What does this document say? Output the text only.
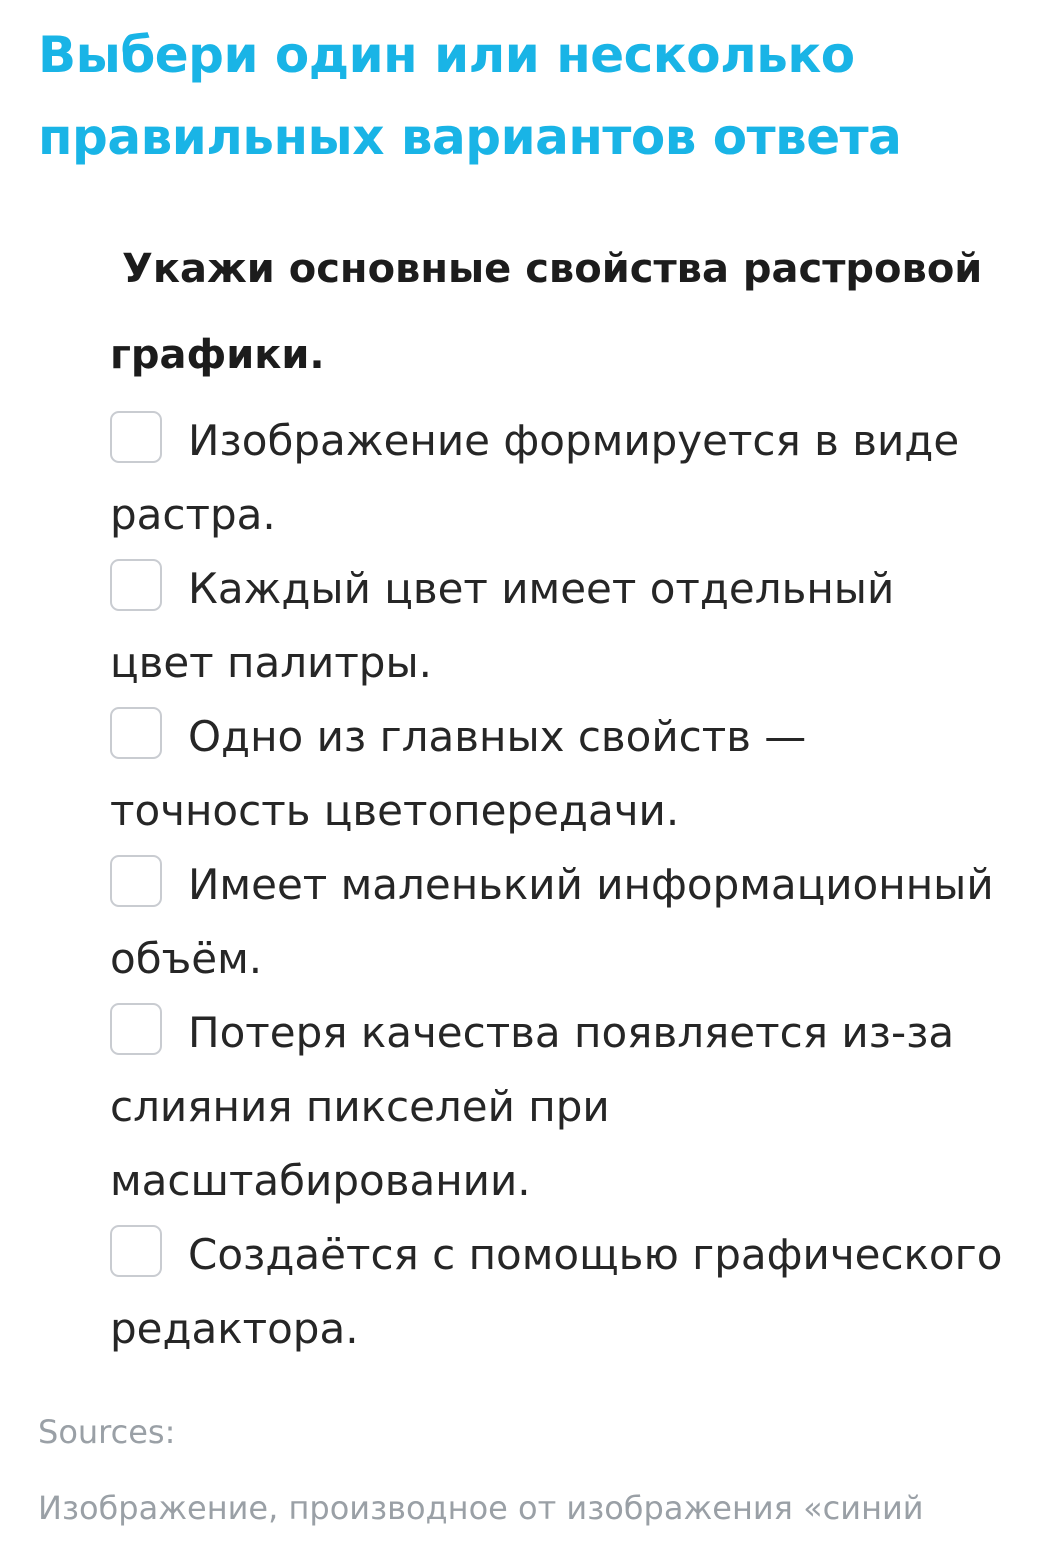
Выбери один или несколько правильных вариантов ответа

Укажи основные свойства растровой графики.

Изображение формируется в виде растра.
Каждый цвет имеет отдельный цвет палитры.
Одно из главных свойств — точность цветопередачи.
Имеет маленький информационный объём.
Потеря качества появляется из-за слияния пикселей при масштабировании.
Создаётся с помощью графического редактора.

Sources:

Изображение, производное от изображения «синий
